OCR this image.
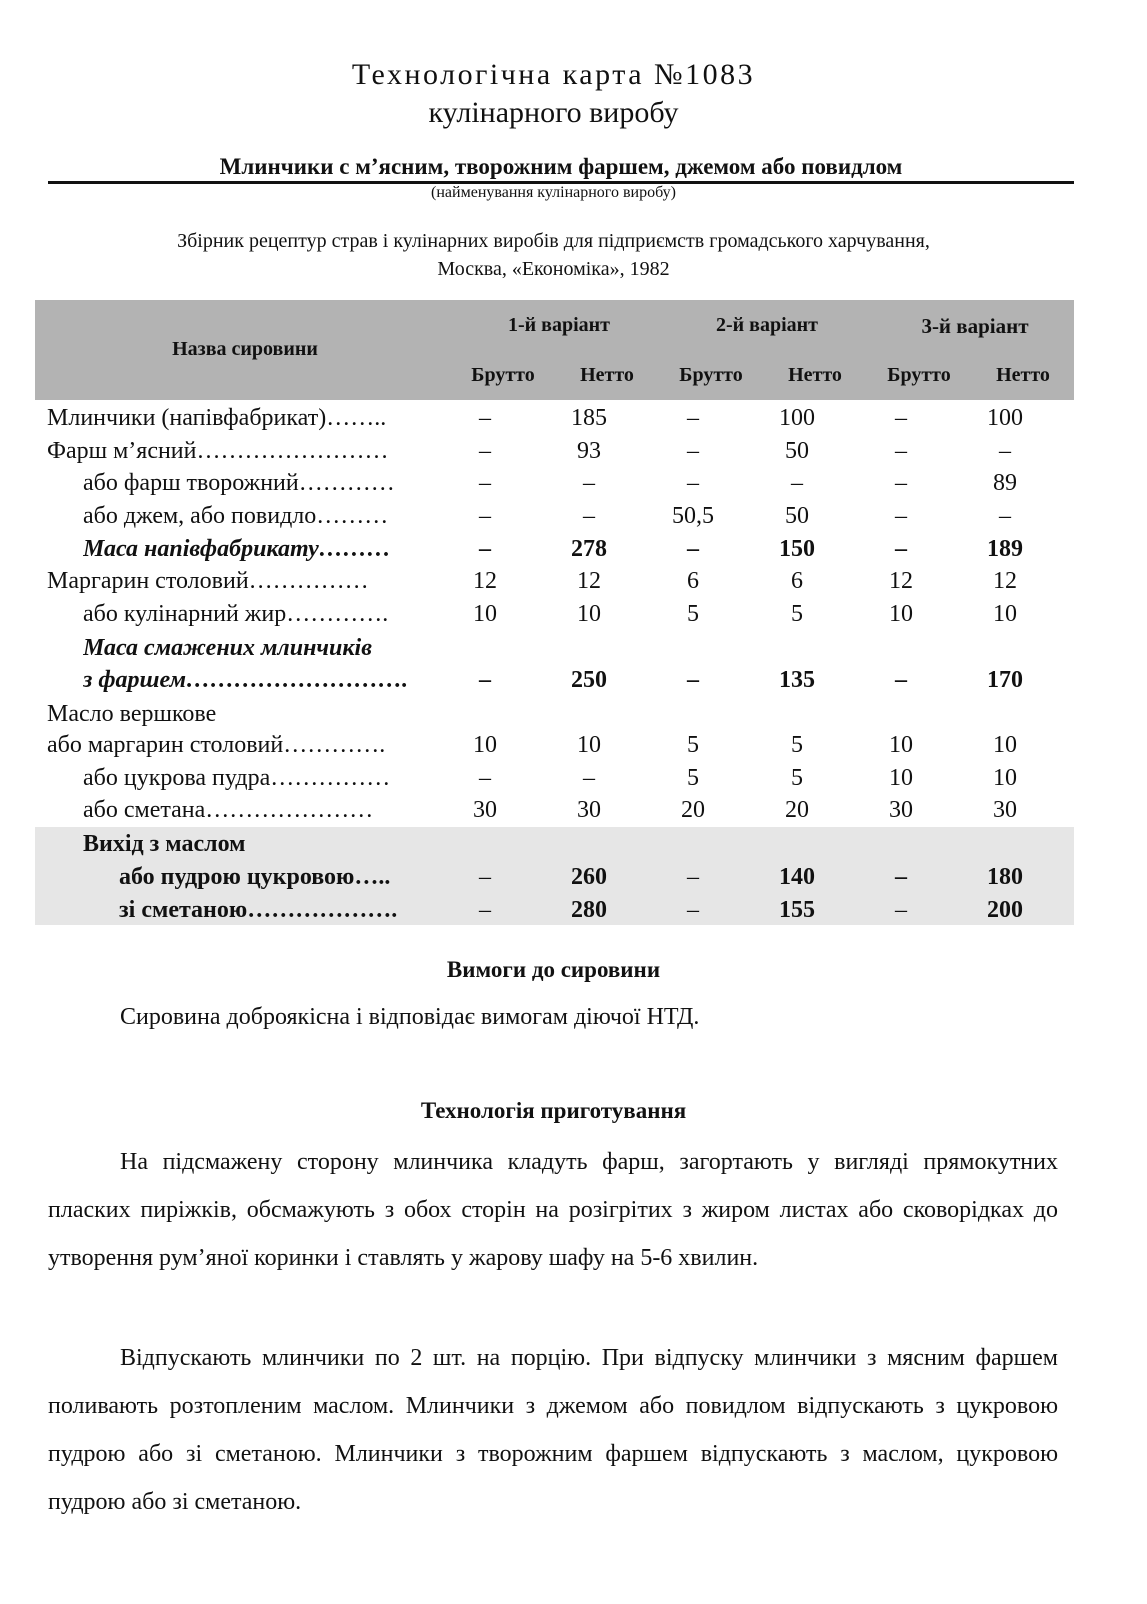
Технологічна карта №1083
кулінарного виробу
Млинчики с м’ясним, творожним фаршем, джемом або повидлом
(найменування кулінарного виробу)
Збірник рецептур страв і кулінарних виробів для підприємств громадського харчування,
Москва, «Економіка», 1982
Назва сировини
1-й варіант	2-й варіант	3-й варіант
Брутто	Нетто	Брутто	Нетто	Брутто	Нетто
Млинчики (напівфабрикат)……..	–	185	–	100	–	100
Фарш м’ясний……………………	–	93	–	50	–	–
або фарш творожний…………	–	–	–	–	–	89
або джем, або повидло………	–	–	50,5	50	–	–
Маса напівфабрикату………	–	278	–	150	–	189
Маргарин столовий……………	12	12	6	6	12	12
або кулінарний жир………….	10	10	5	5	10	10
Маса смажених млинчиків
з фаршем……………………….	–	250	–	135	–	170
Масло вершкове
або маргарин столовий………….	10	10	5	5	10	10
або цукрова пудра……………	–	–	5	5	10	10
або сметана…………………	30	30	20	20	30	30
Вихід з маслом
або пудрою цукровою…..	–	260	–	140	–	180
зі сметаною……………….	–	280	–	155	–	200
Вимоги до сировини
Сировина доброякісна і відповідає вимогам діючої НТД.
Технологія приготування
На підсмажену сторону млинчика кладуть фарш, загортають у вигляді прямокутних пласких пиріжків, обсмажують з обох сторін на розігрітих з жиром листах або сковорідках до утворення рум’яної коринки і ставлять у жарову шафу на 5-6 хвилин.
Відпускають млинчики по 2 шт. на порцію. При відпуску млинчики з мясним фаршем поливають розтопленим маслом. Млинчики з джемом або повидлом відпускають з цукровою пудрою або зі сметаною. Млинчики з творожним фаршем відпускають з маслом, цукровою пудрою або зі сметаною.
